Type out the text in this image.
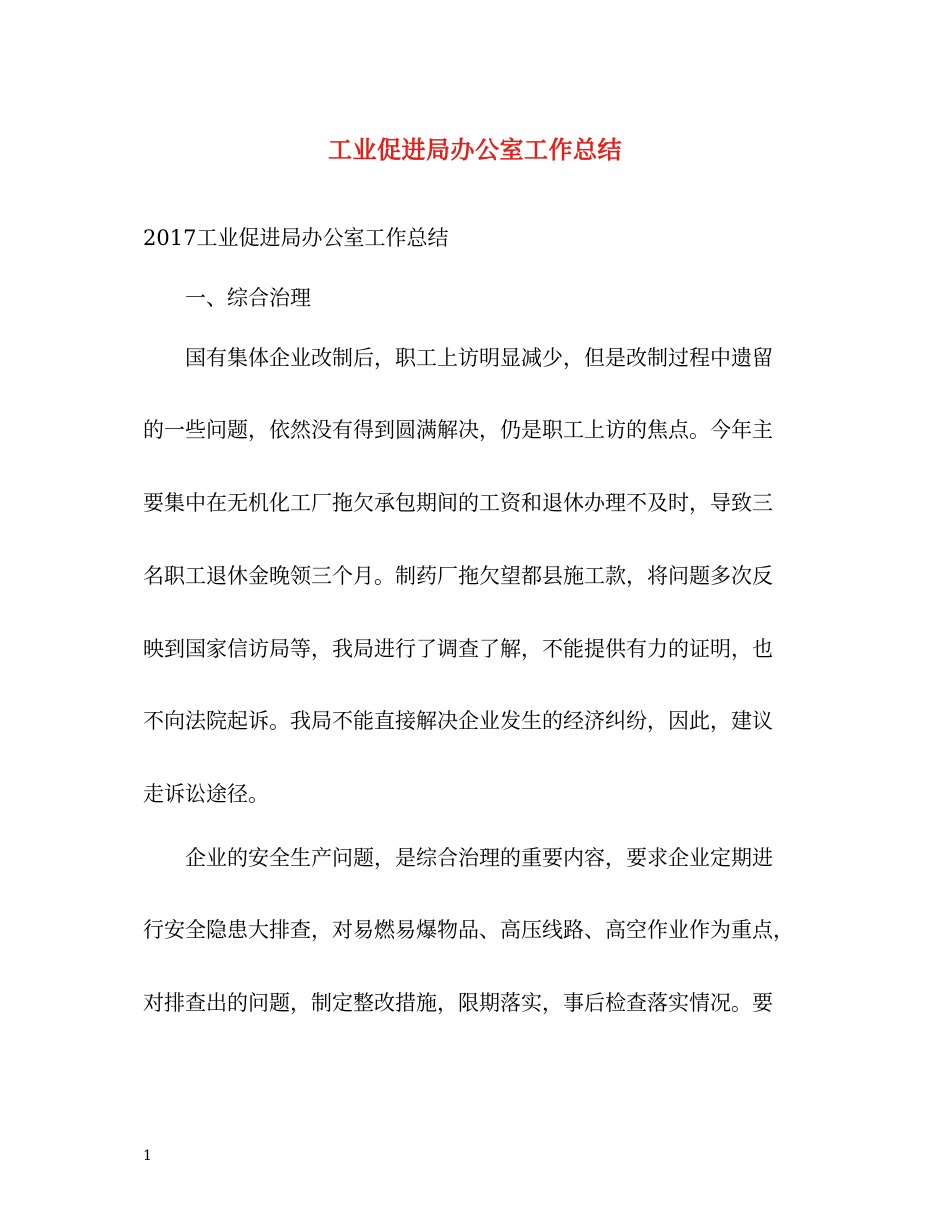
工业促进局办公室工作总结
2017工业促进局办公室工作总结
一、综合治理
国有集体企业改制后，职工上访明显减少，但是改制过程中遗留
的一些问题，依然没有得到圆满解决，仍是职工上访的焦点。今年主
要集中在无机化工厂拖欠承包期间的工资和退休办理不及时，导致三
名职工退休金晚领三个月。制药厂拖欠望都县施工款，将问题多次反
映到国家信访局等，我局进行了调查了解，不能提供有力的证明，也
不向法院起诉。我局不能直接解决企业发生的经济纠纷，因此，建议
走诉讼途径。
企业的安全生产问题，是综合治理的重要内容，要求企业定期进
行安全隐患大排查，对易燃易爆物品、高压线路、高空作业作为重点，
对排查出的问题，制定整改措施，限期落实，事后检查落实情况。要
1
